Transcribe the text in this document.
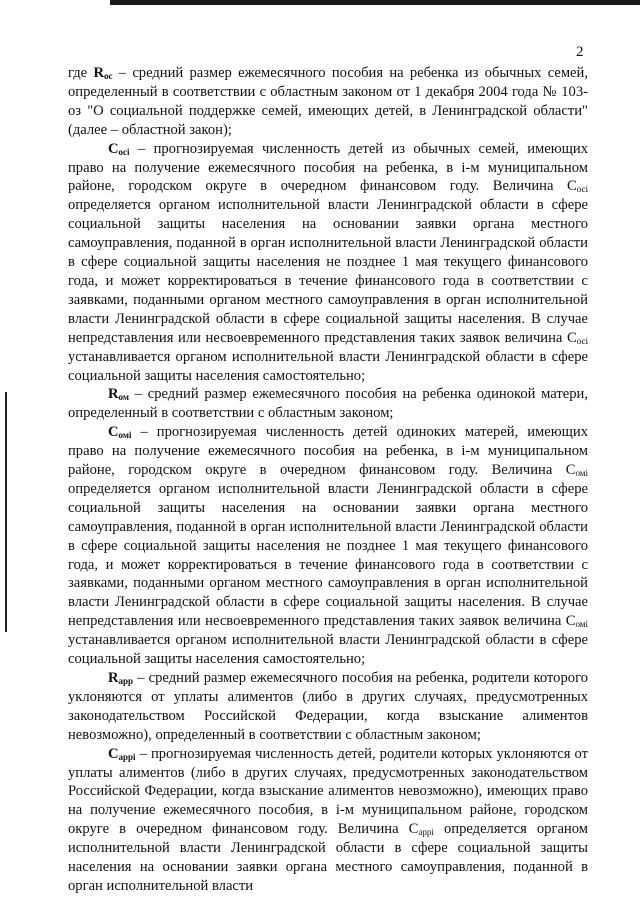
2

где $R_{ос}$ – средний размер ежемесячного пособия на ребенка из обычных семей, определенный в соответствии с областным законом от 1 декабря 2004 года № 103-оз "О социальной поддержке семей, имеющих детей, в Ленинградской области" (далее – областной закон);

$С_{осi}$ – прогнозируемая численность детей из обычных семей, имеющих право на получение ежемесячного пособия на ребенка, в i-м муниципальном районе, городском округе в очередном финансовом году. Величина $С_{осi}$ определяется органом исполнительной власти Ленинградской области в сфере социальной защиты населения на основании заявки органа местного самоуправления, поданной в орган исполнительной власти Ленинградской области в сфере социальной защиты населения не позднее 1 мая текущего финансового года, и может корректироваться в течение финансового года в соответствии с заявками, поданными органом местного самоуправления в орган исполнительной власти Ленинградской области в сфере социальной защиты населения. В случае непредставления или несвоевременного представления таких заявок величина $С_{осi}$ устанавливается органом исполнительной власти Ленинградской области в сфере социальной защиты населения самостоятельно;

$R_{ом}$ – средний размер ежемесячного пособия на ребенка одинокой матери, определенный в соответствии с областным законом;

$С_{омi}$ – прогнозируемая численность детей одиноких матерей, имеющих право на получение ежемесячного пособия на ребенка, в i-м муниципальном районе, городском округе в очередном финансовом году. Величина $С_{омi}$ определяется органом исполнительной власти Ленинградской области в сфере социальной защиты населения на основании заявки органа местного самоуправления, поданной в орган исполнительной власти Ленинградской области в сфере социальной защиты населения не позднее 1 мая текущего финансового года, и может корректироваться в течение финансового года в соответствии с заявками, поданными органом местного самоуправления в орган исполнительной власти Ленинградской области в сфере социальной защиты населения. В случае непредставления или несвоевременного представления таких заявок величина $С_{омi}$ устанавливается органом исполнительной власти Ленинградской области в сфере социальной защиты населения самостоятельно;

$R_{арр}$ – средний размер ежемесячного пособия на ребенка, родители которого уклоняются от уплаты алиментов (либо в других случаях, предусмотренных законодательством Российской Федерации, когда взыскание алиментов невозможно), определенный в соответствии с областным законом;

$С_{аррi}$ – прогнозируемая численность детей, родители которых уклоняются от уплаты алиментов (либо в других случаях, предусмотренных законодательством Российской Федерации, когда взыскание алиментов невозможно), имеющих право на получение ежемесячного пособия, в i-м муниципальном районе, городском округе в очередном финансовом году. Величина $С_{аррi}$ определяется органом исполнительной власти Ленинградской области в сфере социальной защиты населения на основании заявки органа местного самоуправления, поданной в орган исполнительной власти
